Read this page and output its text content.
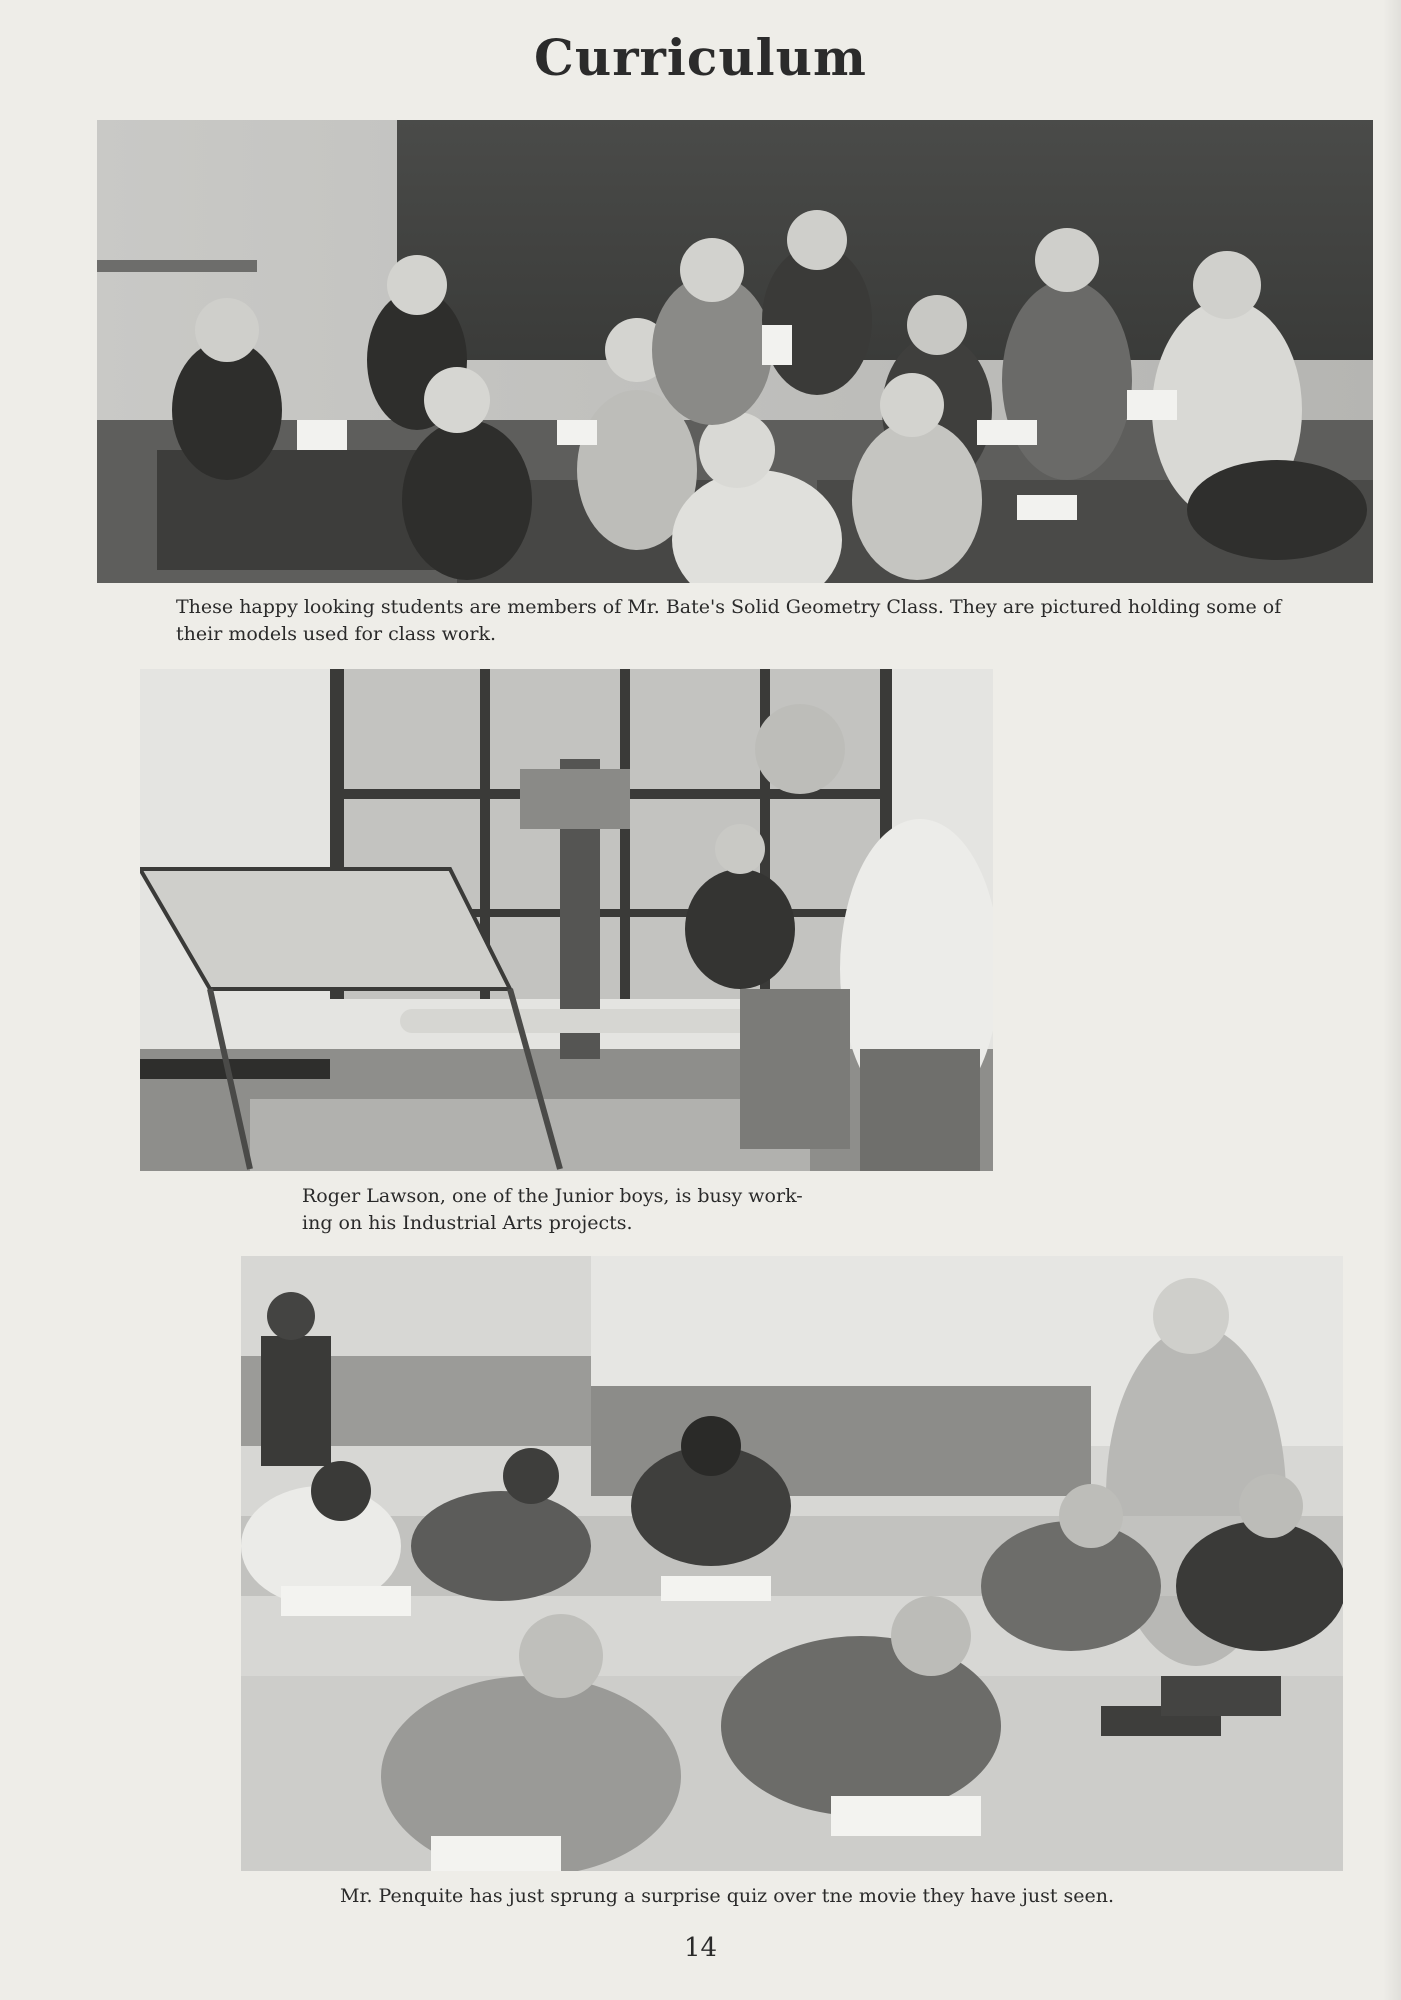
Curriculum
These happy looking students are members of Mr. Bate's Solid Geometry Class. They are pictured holding some of their models used for class work.
Roger Lawson, one of the Junior boys, is busy work-
ing on his Industrial Arts projects.
Mr. Penquite has just sprung a surprise quiz over tne movie they have just seen.
14
